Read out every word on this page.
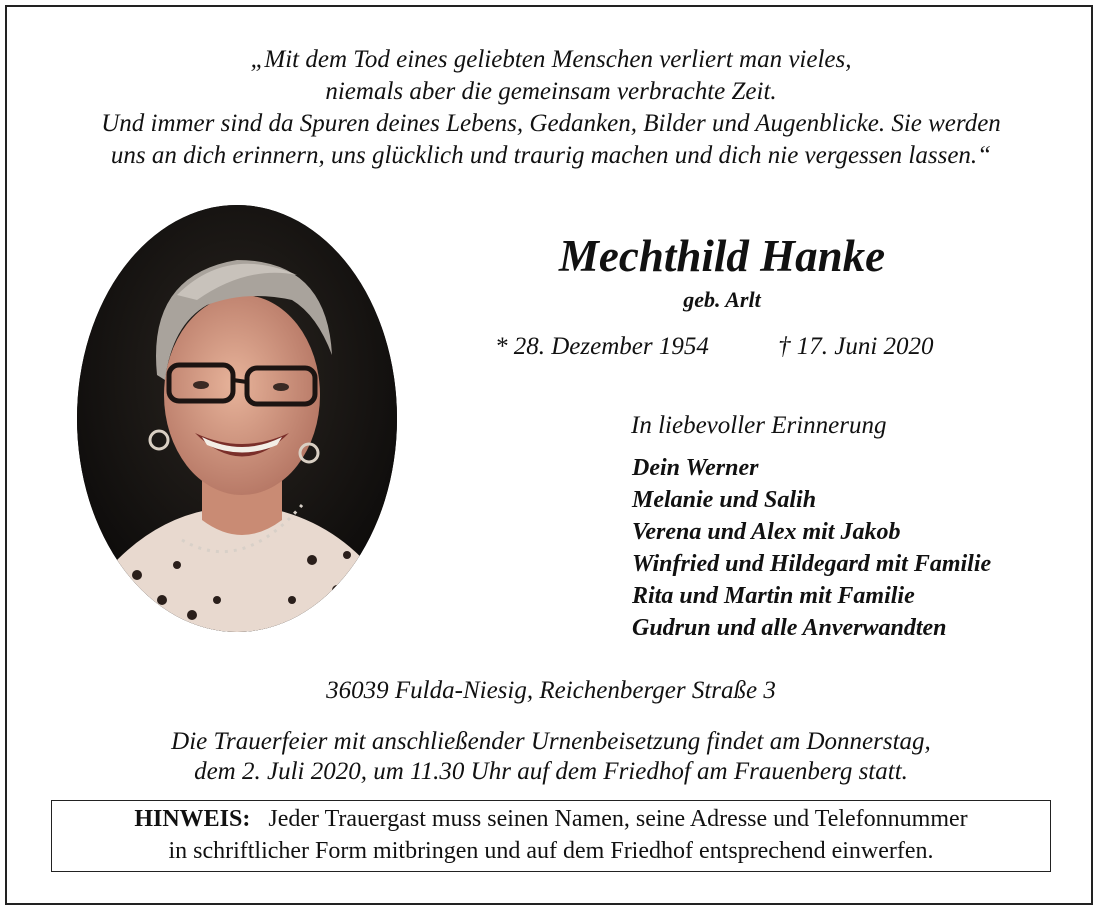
„Mit dem Tod eines geliebten Menschen verliert man vieles,
niemals aber die gemeinsam verbrachte Zeit.
Und immer sind da Spuren deines Lebens, Gedanken, Bilder und Augenblicke. Sie werden
uns an dich erinnern, uns glücklich und traurig machen und dich nie vergessen lassen.“
Mechthild Hanke
geb. Arlt
* 28. Dezember 1954	† 17. Juni 2020
In liebevoller Erinnerung
Dein Werner
Melanie und Salih
Verena und Alex mit Jakob
Winfried und Hildegard mit Familie
Rita und Martin mit Familie
Gudrun und alle Anverwandten
36039 Fulda-Niesig, Reichenberger Straße 3
Die Trauerfeier mit anschließender Urnenbeisetzung findet am Donnerstag,
dem 2. Juli 2020, um 11.30 Uhr auf dem Friedhof am Frauenberg statt.
HINWEIS: Jeder Trauergast muss seinen Namen, seine Adresse und Telefonnummer
in schriftlicher Form mitbringen und auf dem Friedhof entsprechend einwerfen.
